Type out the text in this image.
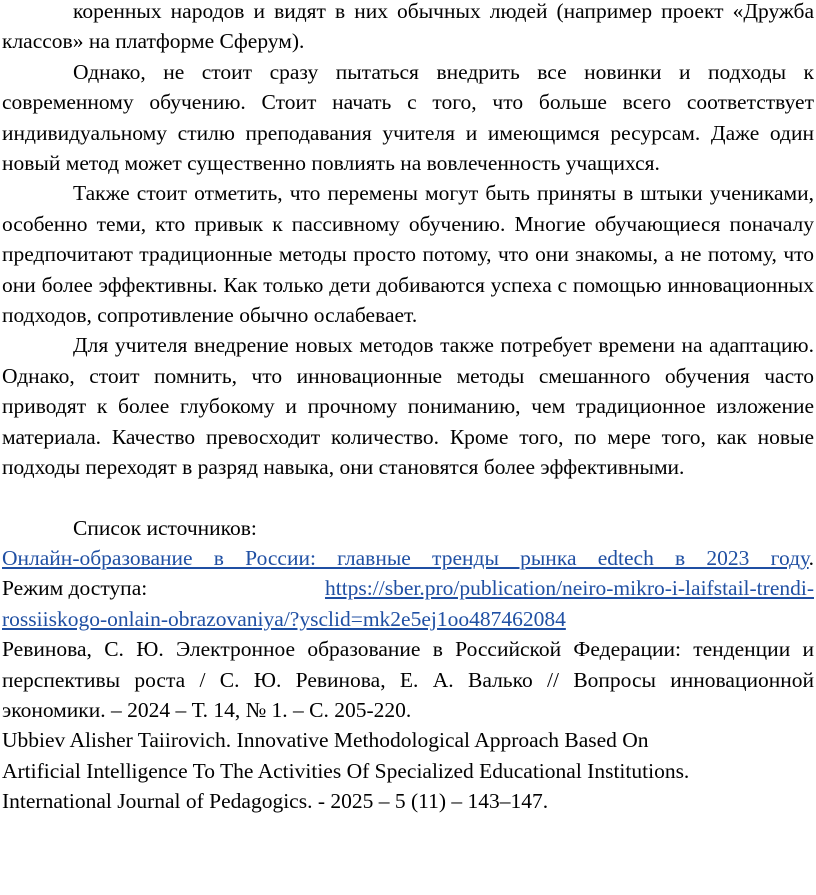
коренных народов и видят в них обычных людей (например проект «Дружба классов» на платформе Сферум).

Однако, не стоит сразу пытаться внедрить все новинки и подходы к современному обучению. Стоит начать с того, что больше всего соответствует индивидуальному стилю преподавания учителя и имеющимся ресурсам. Даже один новый метод может существенно повлиять на вовлеченность учащихся.

Также стоит отметить, что перемены могут быть приняты в штыки учениками, особенно теми, кто привык к пассивному обучению. Многие обучающиеся поначалу предпочитают традиционные методы просто потому, что они знакомы, а не потому, что они более эффективны. Как только дети добиваются успеха с помощью инновационных подходов, сопротивление обычно ослабевает.

Для учителя внедрение новых методов также потребует времени на адаптацию. Однако, стоит помнить, что инновационные методы смешанного обучения часто приводят к более глубокому и прочному пониманию, чем традиционное изложение материала. Качество превосходит количество. Кроме того, по мере того, как новые подходы переходят в разряд навыка, они становятся более эффективными.

Список источников:

Онлайн-образование в России: главные тренды рынка edtech в 2023 году.

Режим доступа:	https://sber.pro/publication/neiro-mikro-i-laifstail-trendi-

rossiiskogo-onlain-obrazovaniya/?ysclid=mk2e5ej1oo487462084

Ревинова, С. Ю. Электронное образование в Российской Федерации: тенденции и перспективы роста / С. Ю. Ревинова, Е. А. Валько // Вопросы инновационной экономики. – 2024 – Т. 14, № 1. – С. 205-220.

Ubbiev Alisher Taiirovich. Innovative Methodological Approach Based On
Artificial Intelligence To The Activities Of Specialized Educational Institutions.
International Journal of Pedagogics. - 2025 – 5 (11) – 143–147.
